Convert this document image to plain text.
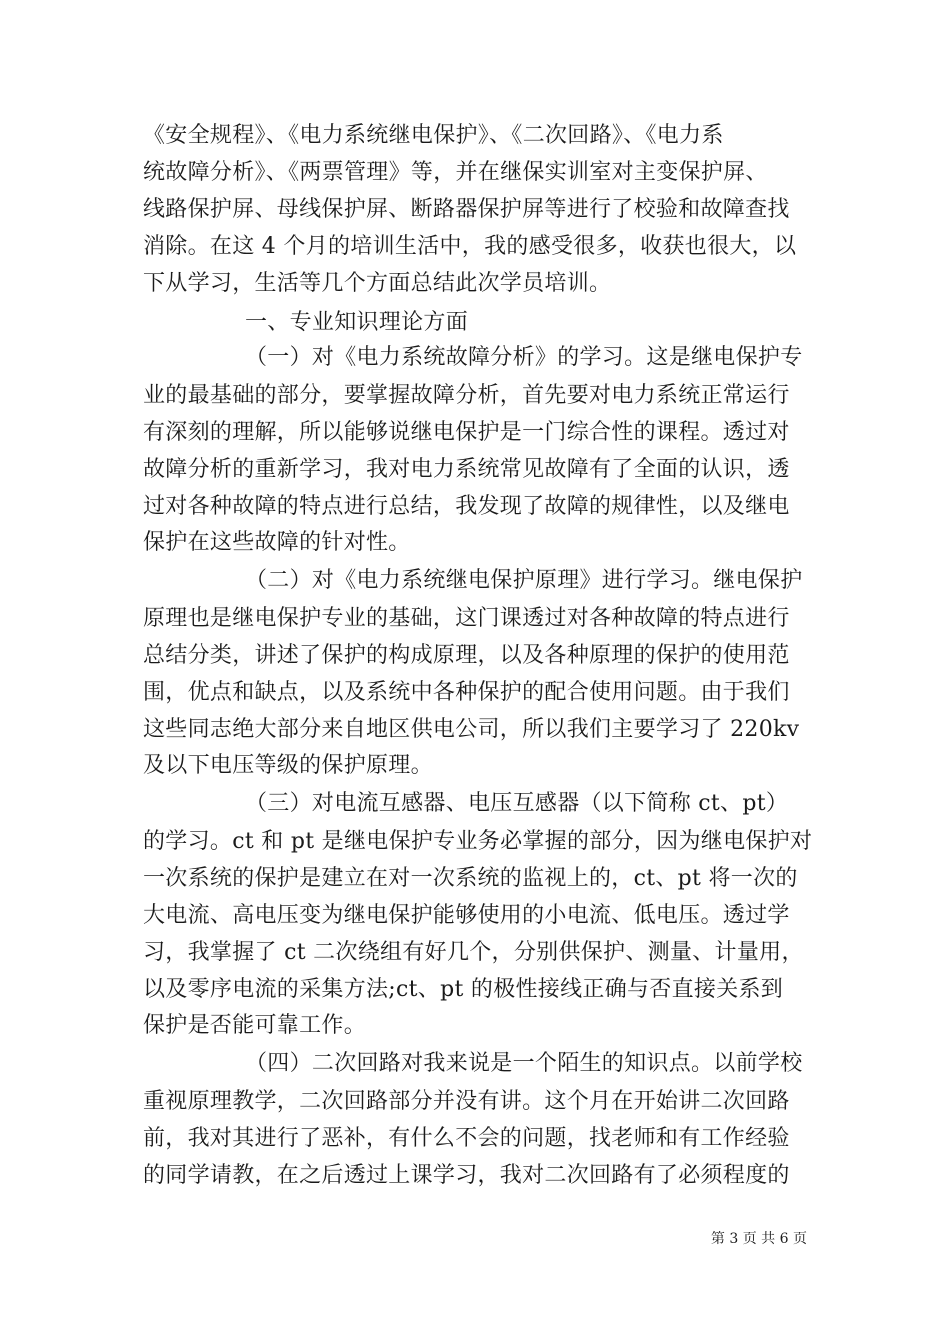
《安全规程》、《电力系统继电保护》、《二次回路》、《电力系
统故障分析》、《两票管理》等，并在继保实训室对主变保护屏、
线路保护屏、母线保护屏、断路器保护屏等进行了校验和故障查找
消除。在这 4 个月的培训生活中，我的感受很多，收获也很大，以
下从学习，生活等几个方面总结此次学员培训。
一、专业知识理论方面
（一）对《电力系统故障分析》的学习。这是继电保护专
业的最基础的部分，要掌握故障分析，首先要对电力系统正常运行
有深刻的理解，所以能够说继电保护是一门综合性的课程。透过对
故障分析的重新学习，我对电力系统常见故障有了全面的认识，透
过对各种故障的特点进行总结，我发现了故障的规律性，以及继电
保护在这些故障的针对性。
（二）对《电力系统继电保护原理》进行学习。继电保护
原理也是继电保护专业的基础，这门课透过对各种故障的特点进行
总结分类，讲述了保护的构成原理，以及各种原理的保护的使用范
围，优点和缺点，以及系统中各种保护的配合使用问题。由于我们
这些同志绝大部分来自地区供电公司，所以我们主要学习了 220kv
及以下电压等级的保护原理。
（三）对电流互感器、电压互感器（以下简称 ct、pt）
的学习。ct 和 pt 是继电保护专业务必掌握的部分，因为继电保护对
一次系统的保护是建立在对一次系统的监视上的，ct、pt 将一次的
大电流、高电压变为继电保护能够使用的小电流、低电压。透过学
习，我掌握了 ct 二次绕组有好几个，分别供保护、测量、计量用，
以及零序电流的采集方法;ct、pt 的极性接线正确与否直接关系到
保护是否能可靠工作。
（四）二次回路对我来说是一个陌生的知识点。以前学校
重视原理教学，二次回路部分并没有讲。这个月在开始讲二次回路
前，我对其进行了恶补，有什么不会的问题，找老师和有工作经验
的同学请教，在之后透过上课学习，我对二次回路有了必须程度的
第 3 页 共 6 页
